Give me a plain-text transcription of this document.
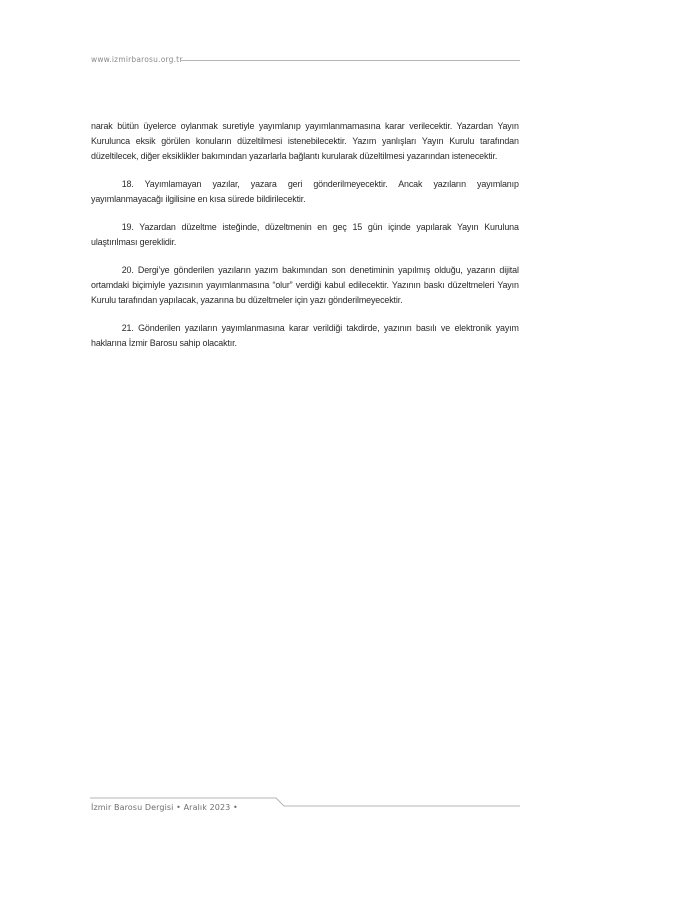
www.izmirbarosu.org.tr

narak bütün üyelerce oylanmak suretiyle yayımlanıp yayımlanmamasına karar verilecektir. Yazardan Yayın Kurulunca eksik görülen konuların düzeltilmesi istenebilecektir. Yazım yanlışları Yayın Kurulu tarafından düzeltilecek, diğer eksiklikler bakımından yazarlarla bağlantı kurularak düzeltilmesi yazarından istenecektir.

18. Yayımlamayan yazılar, yazara geri gönderilmeyecektir. Ancak yazıların yayımlanıp yayımlanmayacağı ilgilisine en kısa sürede bildirilecektir.

19. Yazardan düzeltme isteğinde, düzeltmenin en geç 15 gün içinde yapılarak Yayın Kuruluna ulaştırılması gereklidir.

20. Dergi’ye gönderilen yazıların yazım bakımından son denetiminin yapılmış olduğu, yazarın dijital ortamdaki biçimiyle yazısının yayımlanmasına “olur” verdiği kabul edilecektir. Yazının baskı düzeltmeleri Yayın Kurulu tarafından yapılacak, yazarına bu düzeltmeler için yazı gönderilmeyecektir.

21. Gönderilen yazıların yayımlanmasına karar verildiği takdirde, yazının basılı ve elektronik yayım haklarına İzmir Barosu sahip olacaktır.

İzmir Barosu Dergisi • Aralık 2023 •
